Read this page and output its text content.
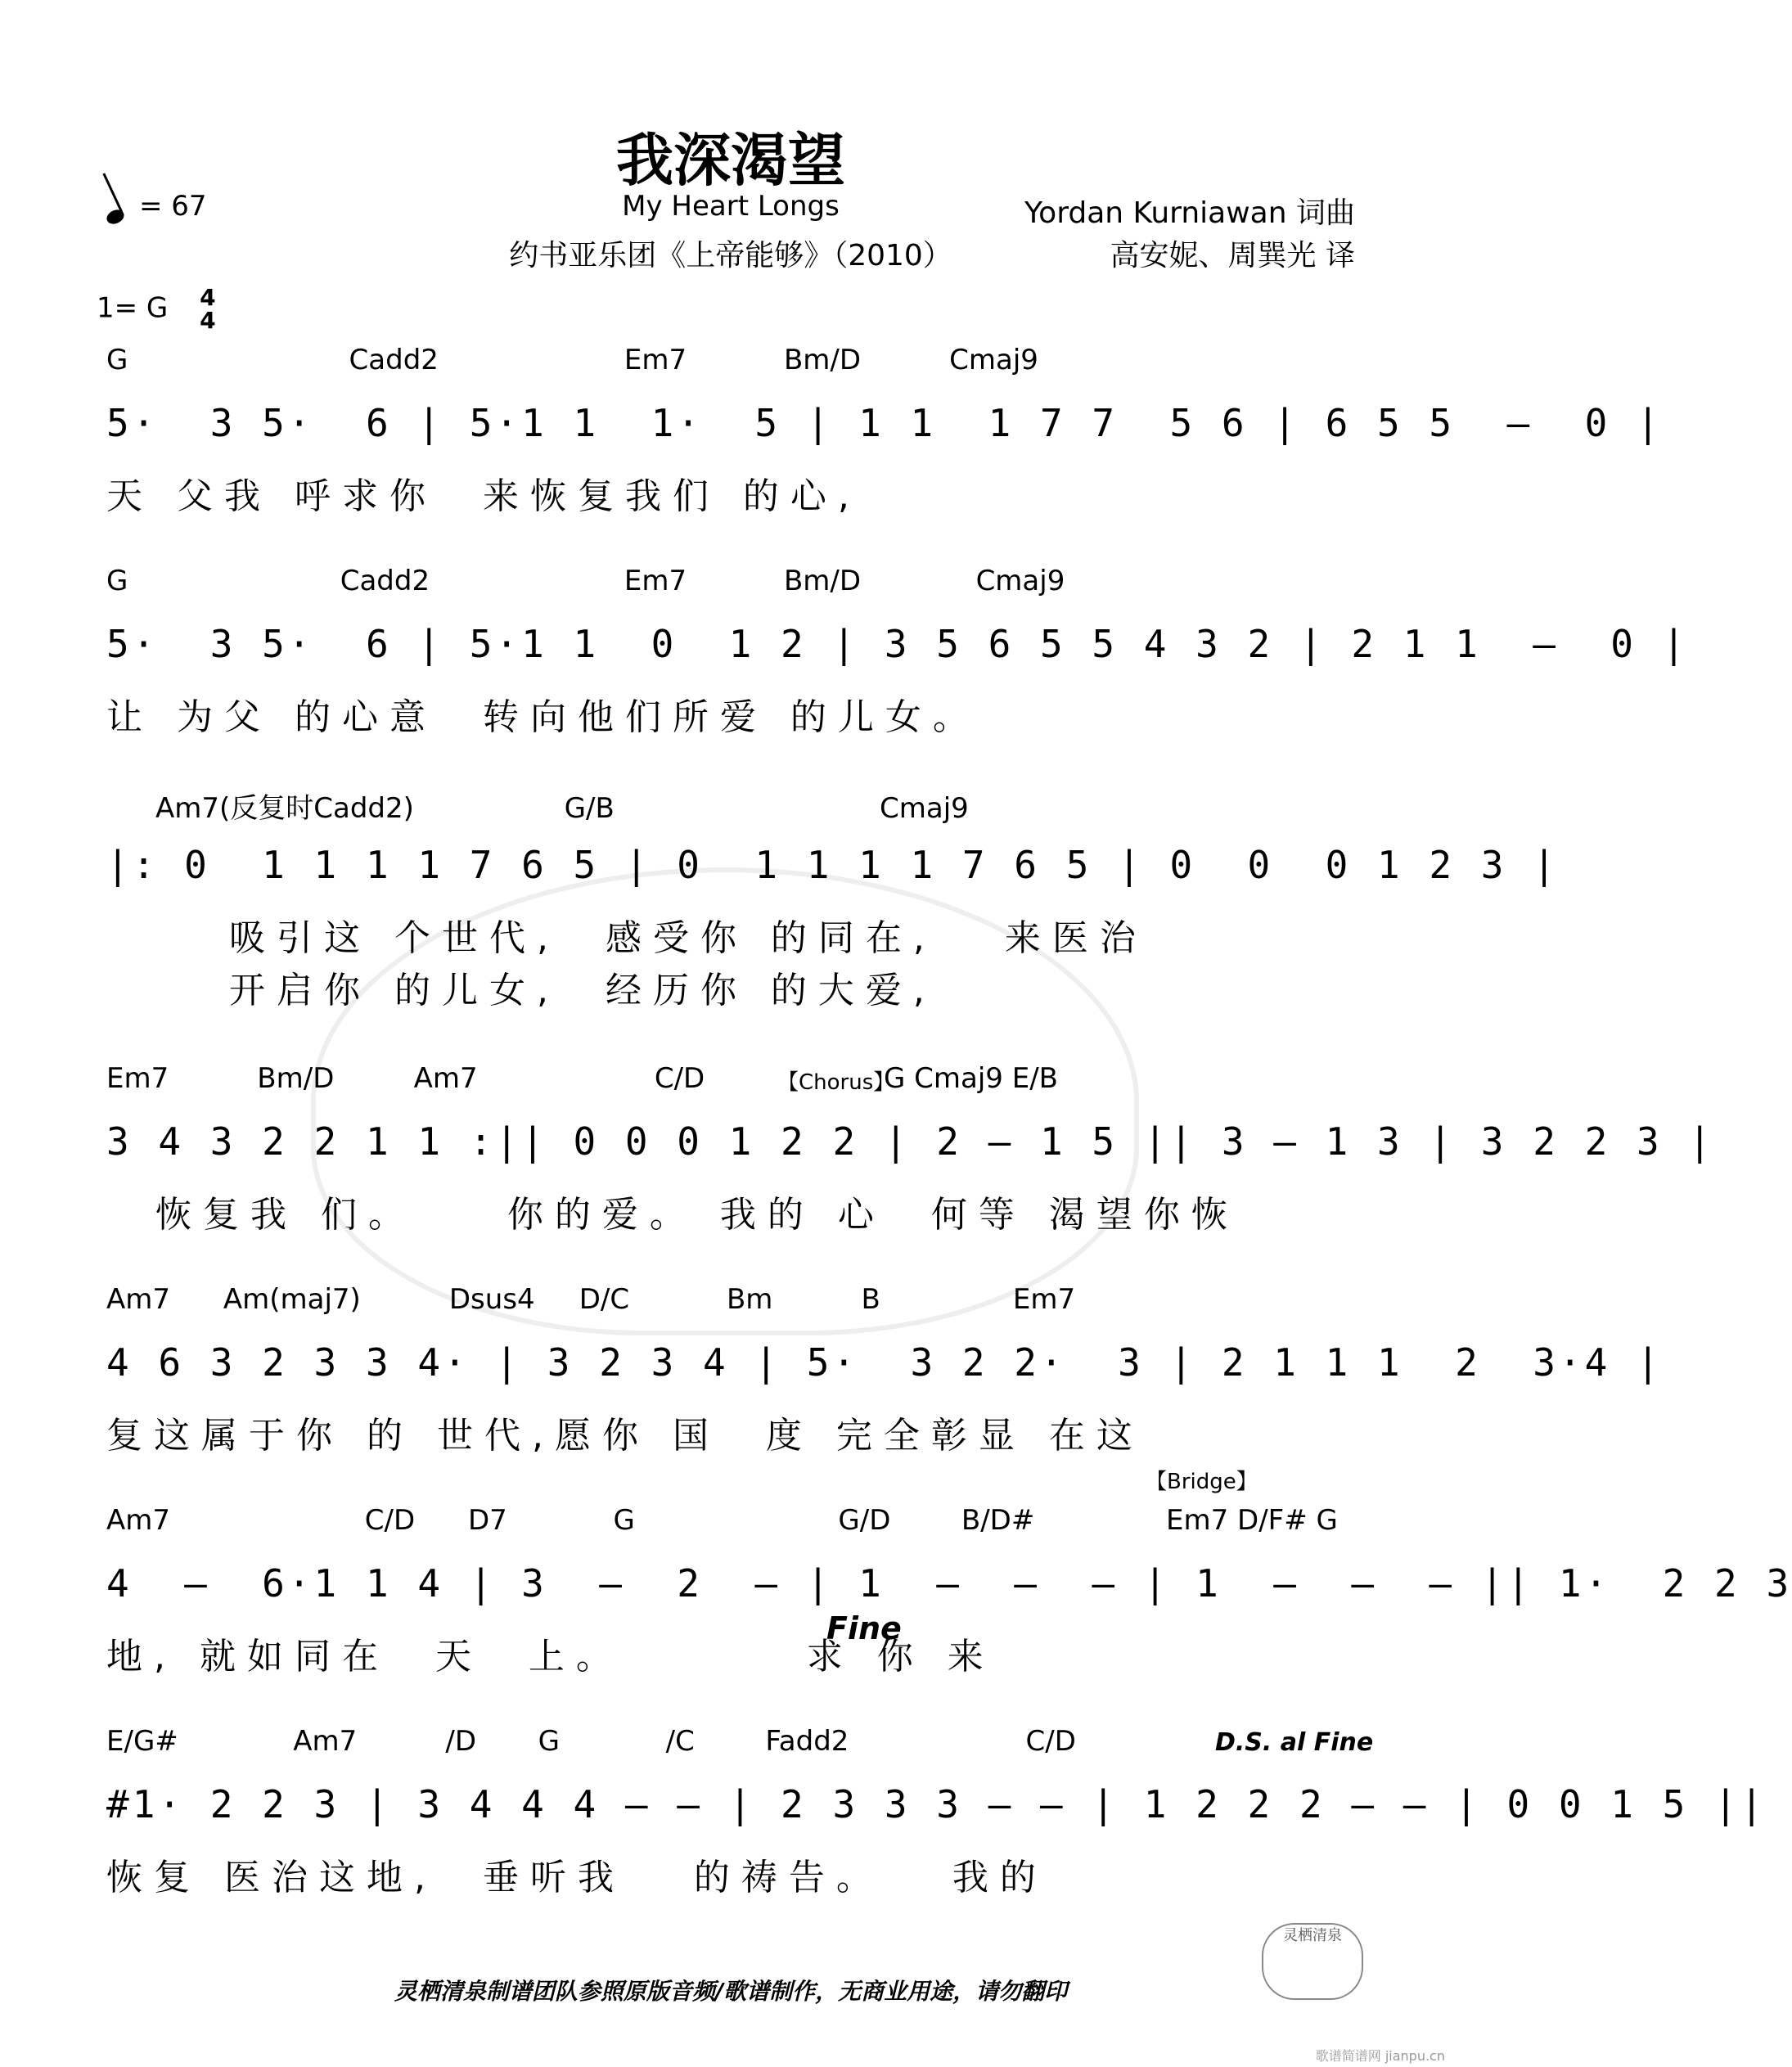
我深渴望
= 67	My Heart Longs	Yordan Kurniawan 词曲
约书亚乐团《上帝能够》（2010）	高安妮、周巽光 译
1= G 4
4
G                         Cadd2                     Em7           Bm/D          Cmaj9
5·  3 5·  6 | 5·1 1  1·  5 | 1 1  1 7 7  5 6 | 6 5 5  –  0 |
天 父我 呼求你  来恢复我们 的心,
G                        Cadd2                      Em7           Bm/D             Cmaj9
5·  3 5·  6 | 5·1 1  0  1 2 | 3 5 6 5 5 4 3 2 | 2 1 1  –  0 |
让 为父 的心意  转向他们所爱 的儿女。
Am7(反复时Cadd2)                 G/B                              Cmaj9
|: 0  1 1 1 1 7 6 5 | 0  1 1 1 1 7 6 5 | 0  0  0 1 2 3 |
吸引这 个世代,  感受你 的同在,   来医治
开启你 的儿女,  经历你 的大爱,
Em7          Bm/D         Am7                    C/D	【Chorus】
G Cmaj9 E/B
3 4 3 2 2 1 1 :|| 0 0 0 1 2 2 | 2 – 1 5 || 3 – 1 3 | 3 2 2 3 |
恢复我 们。    你的爱。 我的 心  何等 渴望你恢
Am7      Am(maj7)          Dsus4     D/C           Bm          B               Em7
4 6 3 2 3 3 4· | 3 2 3 4 | 5·  3 2 2·  3 | 2 1 1 1  2  3·4 |
复这属于你 的 世代,愿你 国  度 完全彰显 在这
【Bridge】
Am7                      C/D      D7            G                       G/D        B/D#	Em7 D/F# G
4  –  6·1 1 4 | 3  –  2  – | 1  –  –  – | 1  –  –  – || 1·  2 2 3
Fine
地, 就如同在  天  上。        求 你 来
E/G#             Am7          /D       G            /C        Fadd2                    C/D	D.S. al Fine
#1· 2 2 3 | 3 4 4 4 – – | 2 3 3 3 – – | 1 2 2 2 – – | 0 0 1 5 ||
恢复 医治这地,  垂听我   的祷告。   我的
灵栖清泉
灵栖清泉制谱团队参照原版音频/歌谱制作，无商业用途，请勿翻印
歌谱简谱网 jianpu.cn
